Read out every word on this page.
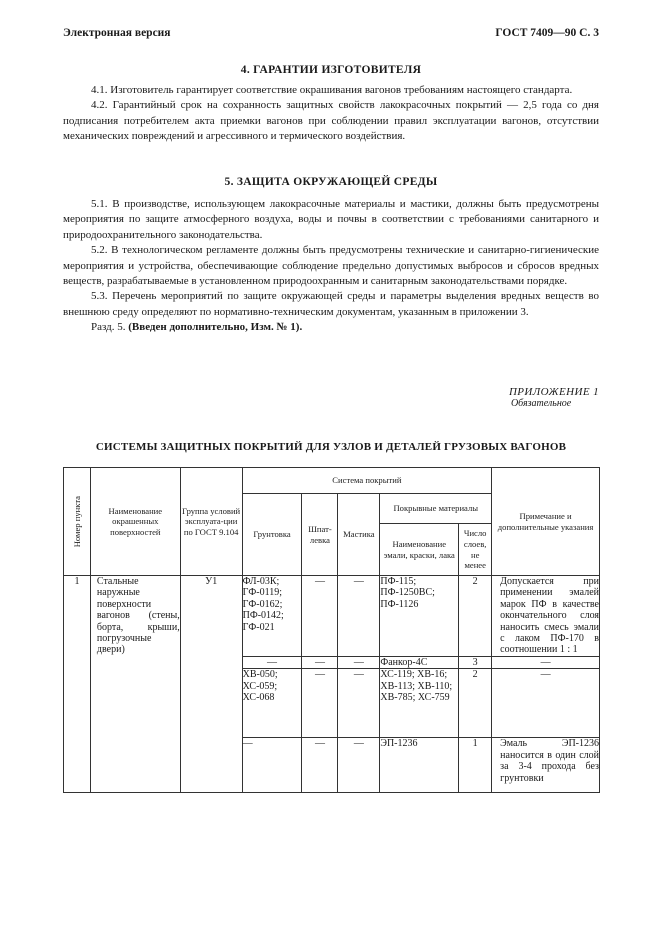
Электронная версия	ГОСТ 7409—90 С. 3
4. ГАРАНТИИ ИЗГОТОВИТЕЛЯ

4.1. Изготовитель гарантирует соответствие окрашивания вагонов требованиям настоящего стандарта.

4.2. Гарантийный срок на сохранность защитных свойств лакокрасочных покрытий — 2,5 года со дня подписания потребителем акта приемки вагонов при соблюдении правил эксплуатации вагонов, отсутствии механических повреждений и агрессивного и термического воздействия.

5. ЗАЩИТА ОКРУЖАЮЩЕЙ СРЕДЫ

5.1. В производстве, использующем лакокрасочные материалы и мастики, должны быть предусмотрены мероприятия по защите атмосферного воздуха, воды и почвы в соответствии с требованиями санитарного и природоохранительного законодательства.

5.2. В технологическом регламенте должны быть предусмотрены технические и санитарно-гигиенические мероприятия и устройства, обеспечивающие соблюдение предельно допустимых выбросов и сбросов вредных веществ, разрабатываемые в установленном природоохранным и санитарным законодательствами порядке.

5.3. Перечень мероприятий по защите окружающей среды и параметры выделения вредных веществ во внешнюю среду определяют по нормативно-техническим документам, указанным в приложении 3.

Разд. 5. (Введен дополнительно, Изм. № 1).

ПРИЛОЖЕНИЕ 1
Обязательное
СИСТЕМЫ ЗАЩИТНЫХ ПОКРЫТИЙ ДЛЯ УЗЛОВ И ДЕТАЛЕЙ ГРУЗОВЫХ ВАГОНОВ
Номер пункта	Наименование окрашенных поверхностей	Группа условий эксплуата-ции по ГОСТ 9.104	Система покрытий					Примечание и дополнительные указания
			Грунтовка	Шпат-левка	Мастика	Покрывные материалы		
						Наименование эмали, краски, лака	Число слоев, не менее	
1	Стальные наружные поверхности вагонов (стены, борта, крыши, погрузочные двери)	У1	ФЛ-03К; ГФ-0119; ГФ-0162; ПФ-0142; ГФ-021	—	—	ПФ-115; ПФ-1250ВС; ПФ-1126	2	Допускается при применении эмалей марок ПФ в качестве окончательного слоя наносить смесь эмали с лаком ПФ-170 в соотношении 1 : 1
			—	—	—	Фанкор-4С	3	—
			ХВ-050; ХС-059; ХС-068	—	—	ХС-119; ХВ-16; ХВ-113; ХВ-110; ХВ-785; ХС-759	2	—
			—	—	—	ЭП-1236	1	Эмаль ЭП-1236 наносится в один слой за 3-4 прохода без грунтовки
